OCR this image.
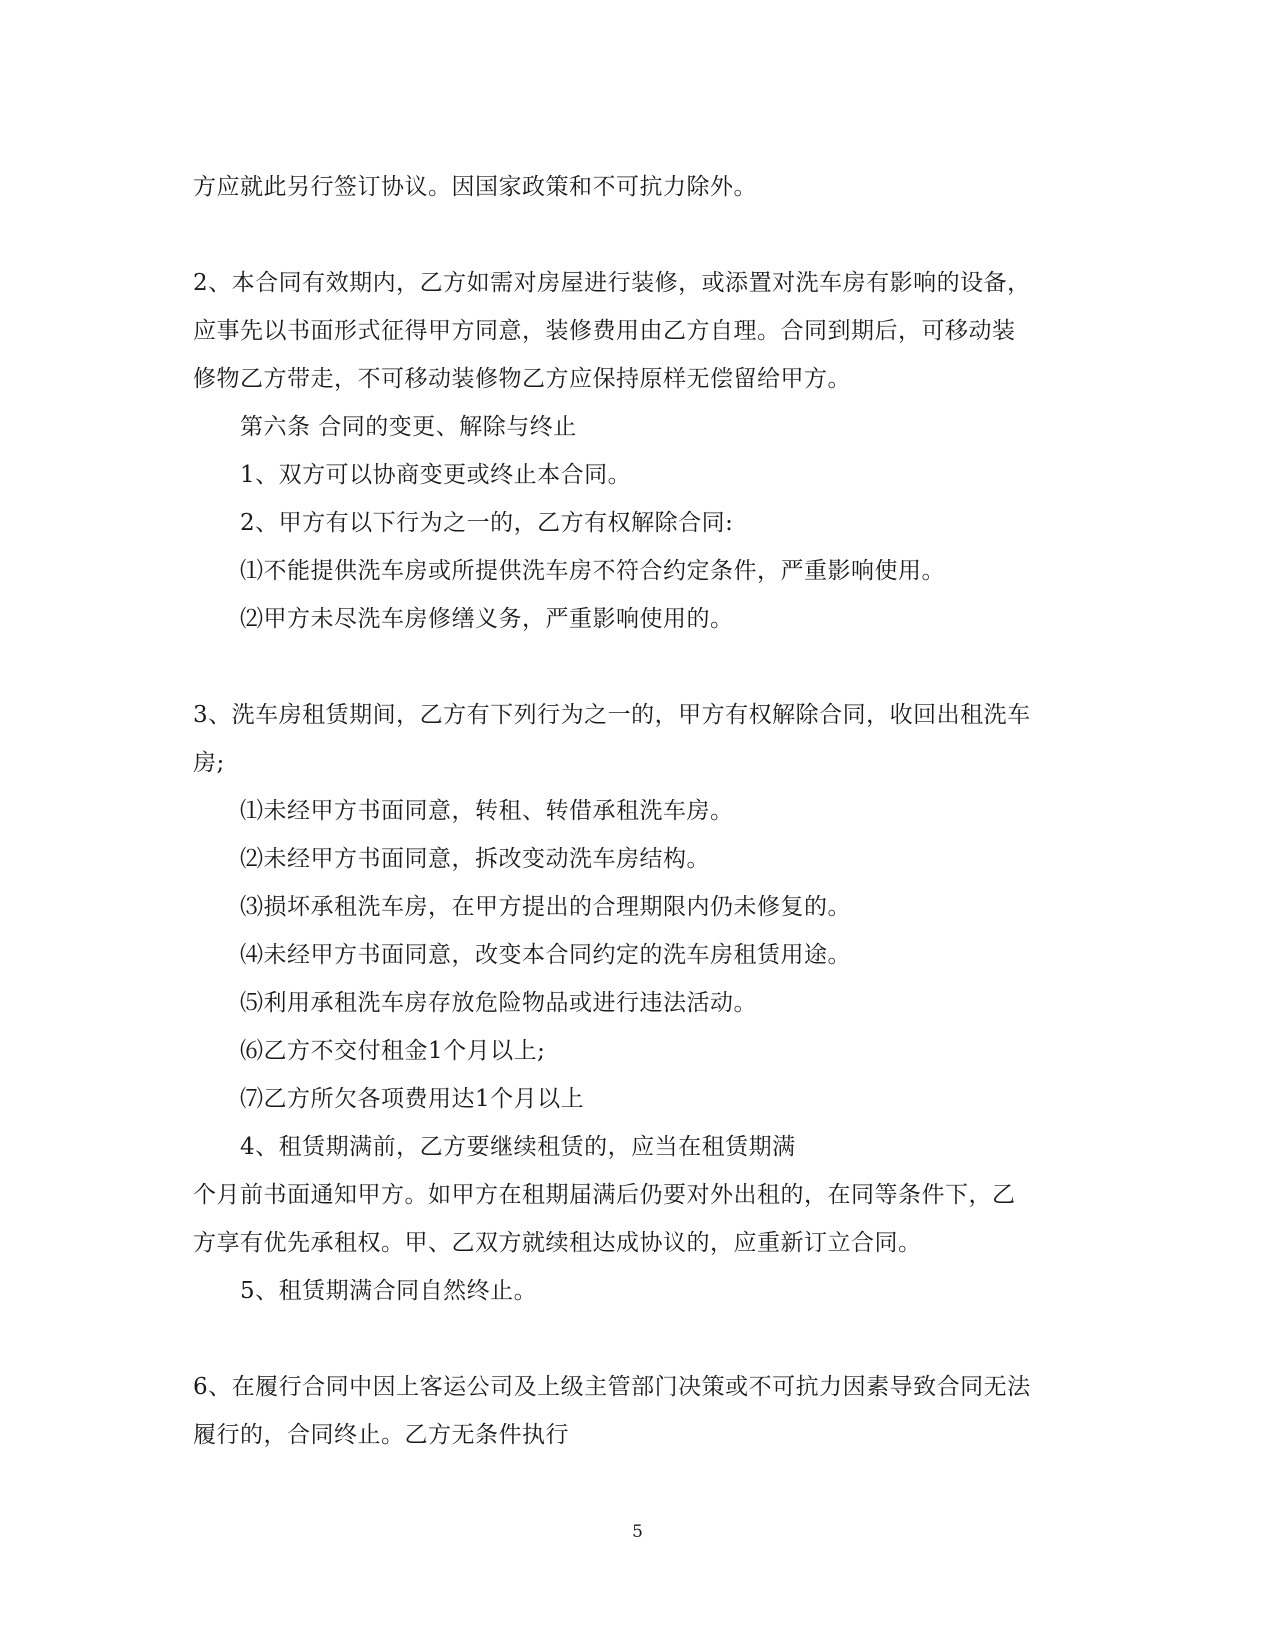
方应就此另行签订协议。因国家政策和不可抗力除外。
2、本合同有效期内，乙方如需对房屋进行装修，或添置对洗车房有影响的设备，
应事先以书面形式征得甲方同意，装修费用由乙方自理。合同到期后，可移动装
修物乙方带走，不可移动装修物乙方应保持原样无偿留给甲方。
第六条 合同的变更、解除与终止
1、双方可以协商变更或终止本合同。
2、甲方有以下行为之一的，乙方有权解除合同:
⑴不能提供洗车房或所提供洗车房不符合约定条件，严重影响使用。
⑵甲方未尽洗车房修缮义务，严重影响使用的。
3、洗车房租赁期间，乙方有下列行为之一的，甲方有权解除合同，收回出租洗车
房;
⑴未经甲方书面同意，转租、转借承租洗车房。
⑵未经甲方书面同意，拆改变动洗车房结构。
⑶损坏承租洗车房，在甲方提出的合理期限内仍未修复的。
⑷未经甲方书面同意，改变本合同约定的洗车房租赁用途。
⑸利用承租洗车房存放危险物品或进行违法活动。
⑹乙方不交付租金1个月以上;
⑺乙方所欠各项费用达1个月以上
4、租赁期满前，乙方要继续租赁的，应当在租赁期满
个月前书面通知甲方。如甲方在租期届满后仍要对外出租的，在同等条件下，乙
方享有优先承租权。甲、乙双方就续租达成协议的，应重新订立合同。
5、租赁期满合同自然终止。
6、在履行合同中因上客运公司及上级主管部门决策或不可抗力因素导致合同无法
履行的，合同终止。乙方无条件执行
5
